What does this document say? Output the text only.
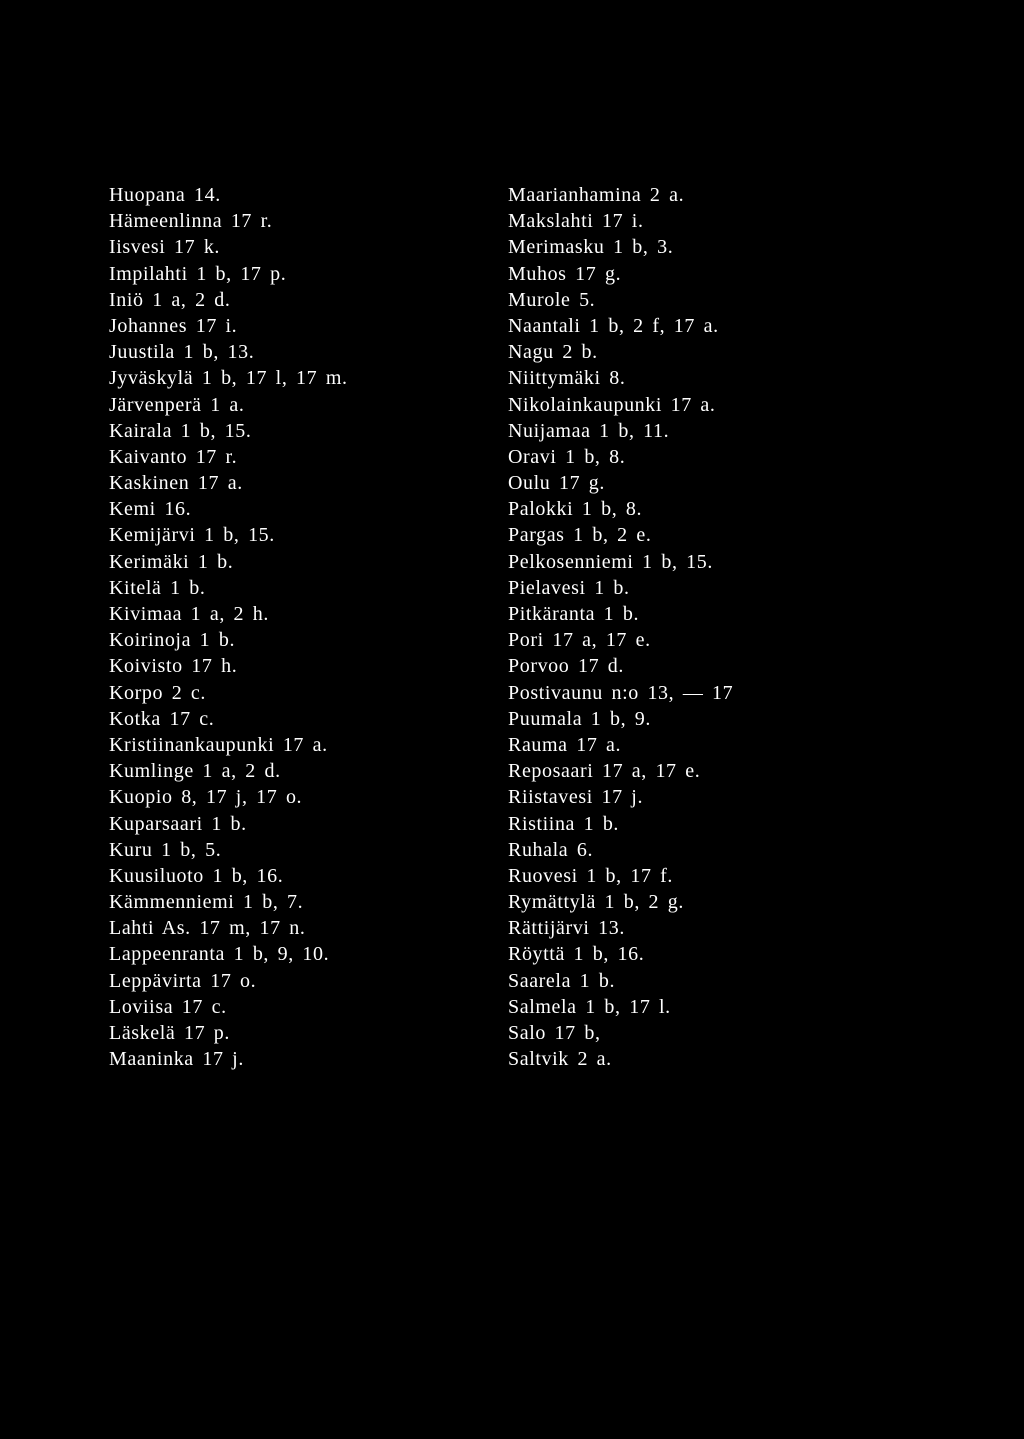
Huopana 14.
Hämeenlinna 17 r.
Iisvesi 17 k.
Impilahti 1 b, 17 p.
Iniö 1 a, 2 d.
Johannes 17 i.
Juustila 1 b, 13.
Jyväskylä 1 b, 17 l, 17 m.
Järvenperä 1 a.
Kairala 1 b, 15.
Kaivanto 17 r.
Kaskinen 17 a.
Kemi 16.
Kemijärvi 1 b, 15.
Kerimäki 1 b.
Kitelä 1 b.
Kivimaa 1 a, 2 h.
Koirinoja 1 b.
Koivisto 17 h.
Korpo 2 c.
Kotka 17 c.
Kristiinankaupunki 17 a.
Kumlinge 1 a, 2 d.
Kuopio 8, 17 j, 17 o.
Kuparsaari 1 b.
Kuru 1 b, 5.
Kuusiluoto 1 b, 16.
Kämmenniemi 1 b, 7.
Lahti As. 17 m, 17 n.
Lappeenranta 1 b, 9, 10.
Leppävirta 17 o.
Loviisa 17 c.
Läskelä 17 p.
Maaninka 17 j.
Maarianhamina 2 a.
Makslahti 17 i.
Merimasku 1 b, 3.
Muhos 17 g.
Murole 5.
Naantali 1 b, 2 f, 17 a.
Nagu 2 b.
Niittymäki 8.
Nikolainkaupunki 17 a.
Nuijamaa 1 b, 11.
Oravi 1 b, 8.
Oulu 17 g.
Palokki 1 b, 8.
Pargas 1 b, 2 e.
Pelkosenniemi 1 b, 15.
Pielavesi 1 b.
Pitkäranta 1 b.
Pori 17 a, 17 e.
Porvoo 17 d.
Postivaunu n:o 13, — 17
Puumala 1 b, 9.
Rauma 17 a.
Reposaari 17 a, 17 e.
Riistavesi 17 j.
Ristiina 1 b.
Ruhala 6.
Ruovesi 1 b, 17 f.
Rymättylä 1 b, 2 g.
Rättijärvi 13.
Röyttä 1 b, 16.
Saarela 1 b.
Salmela 1 b, 17 l.
Salo 17 b,
Saltvik 2 a.
